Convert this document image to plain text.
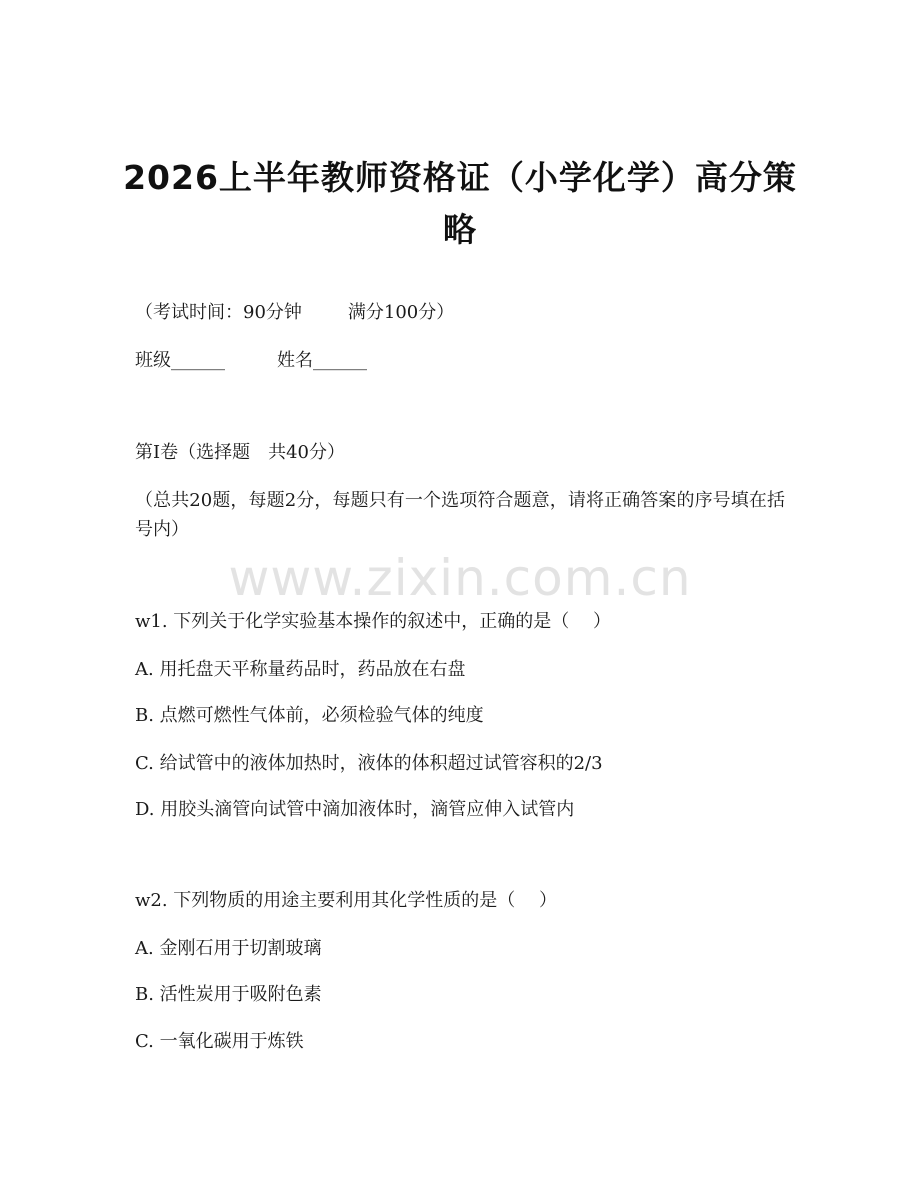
2026上半年教师资格证（小学化学）高分策
略
（考试时间：90分钟	满分100分）
班级______	姓名______
第Ⅰ卷（选择题　共40分）
（总共20题，每题2分，每题只有一个选项符合题意，请将正确答案的序号填在括号内）
www.zixin.com.cn
w1. 下列关于化学实验基本操作的叙述中，正确的是（　 ）
A. 用托盘天平称量药品时，药品放在右盘
B. 点燃可燃性气体前，必须检验气体的纯度
C. 给试管中的液体加热时，液体的体积超过试管容积的2/3
D. 用胶头滴管向试管中滴加液体时，滴管应伸入试管内
w2. 下列物质的用途主要利用其化学性质的是（　 ）
A. 金刚石用于切割玻璃
B. 活性炭用于吸附色素
C. 一氧化碳用于炼铁
